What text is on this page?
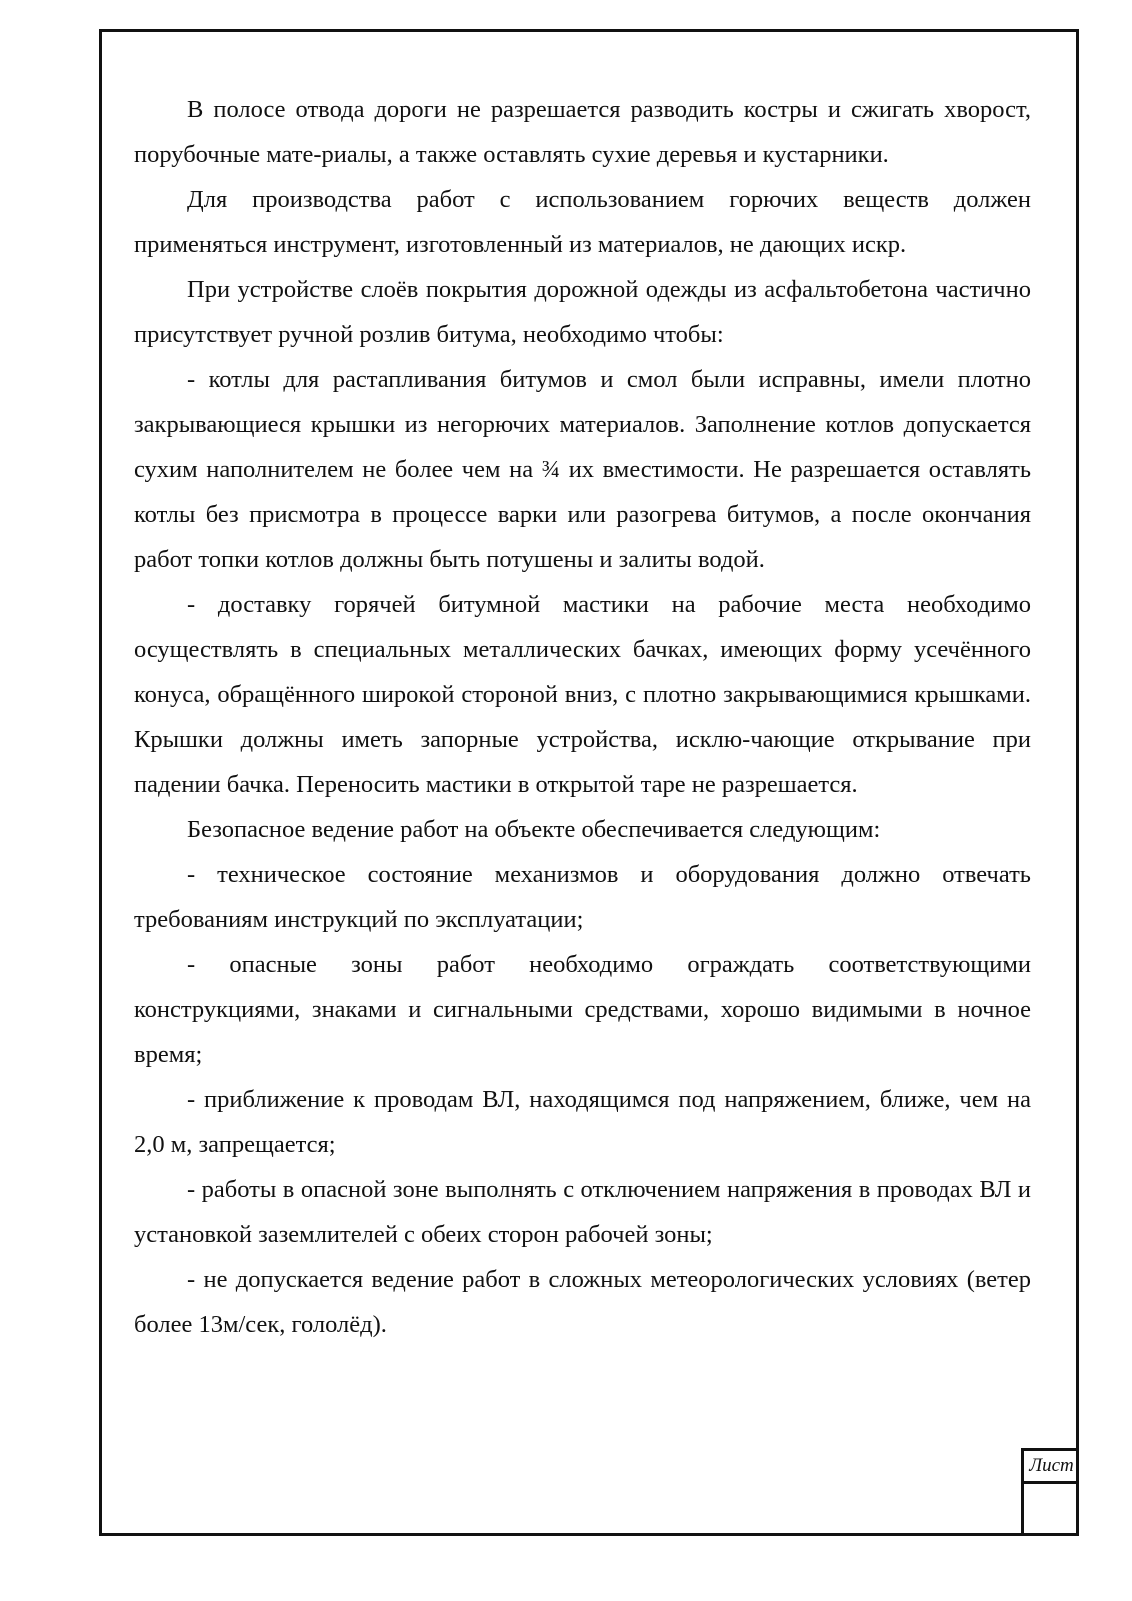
В полосе отвода дороги не разрешается разводить костры и сжигать хворост, порубочные мате-риалы, а также оставлять сухие деревья и кустарники.

Для производства работ с использованием горючих веществ должен применяться инструмент, изготовленный из материалов, не дающих искр.

При устройстве слоёв покрытия дорожной одежды из асфальтобетона частично присутствует ручной розлив битума, необходимо чтобы:

- котлы для растапливания битумов и смол были исправны, имели плотно закрывающиеся крышки из негорючих материалов. Заполнение котлов допускается сухим наполнителем не более чем на ¾ их вместимости. Не разрешается оставлять котлы без присмотра в процессе варки или разогрева битумов, а после окончания работ топки котлов должны быть потушены и залиты водой.

- доставку горячей битумной мастики на рабочие места необходимо осуществлять в специальных металлических бачках, имеющих форму усечённого конуса, обращённого широкой стороной вниз, с плотно закрывающимися крышками. Крышки должны иметь запорные устройства, исклю-чающие открывание при падении бачка. Переносить мастики в открытой таре не разрешается.

Безопасное ведение работ на объекте обеспечивается следующим:

- техническое состояние механизмов и оборудования должно отвечать требованиям инструкций по эксплуатации;

- опасные зоны работ необходимо ограждать соответствующими конструкциями, знаками и сигнальными средствами, хорошо видимыми в ночное время;

- приближение к проводам ВЛ, находящимся под напряжением, ближе, чем на 2,0 м, запрещается;

- работы в опасной зоне выполнять с отключением напряжения в проводах ВЛ и установкой заземлителей с обеих сторон рабочей зоны;

- не допускается ведение работ в сложных метеорологических условиях (ветер более 13м/сек, гололёд).

Лист
